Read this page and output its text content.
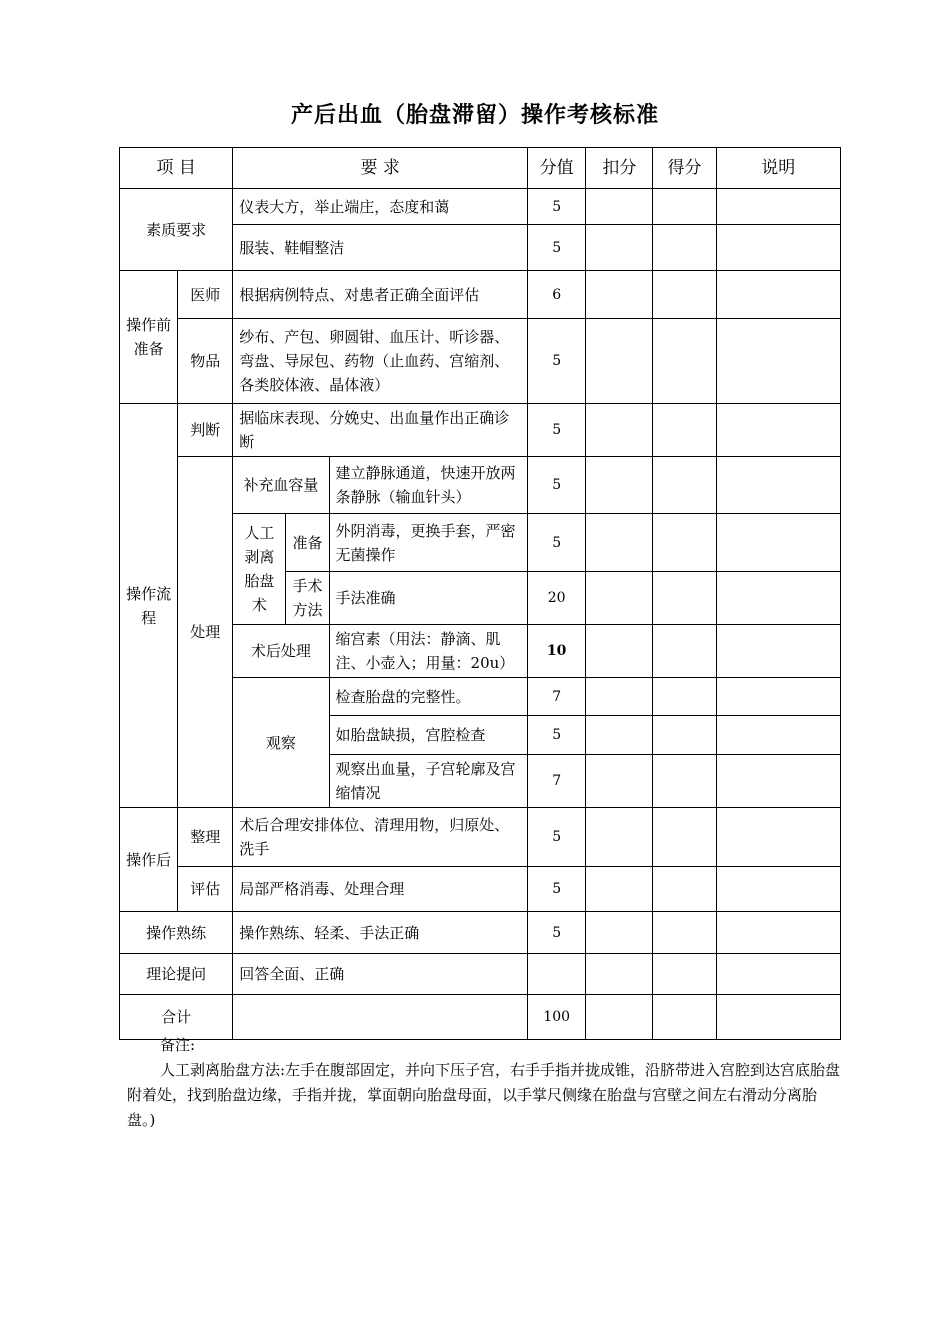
产后出血（胎盘滞留）操作考核标准
项 目		要 求			分值	扣分	得分	说明
素质要求		仪表大方，举止端庄，态度和蔼			5			
		服装、鞋帽整洁			5			
操作前准备	医师	根据病例特点、对患者正确全面评估			6			
	物品	纱布、产包、卵圆钳、血压计、听诊器、弯盘、导尿包、药物（止血药、宫缩剂、各类胶体液、晶体液）			5			
操作流程	判断	据临床表现、分娩史、出血量作出正确诊断			5			
	处理	补充血容量		建立静脉通道，快速开放两条静脉（输血针头）	5			
		人工剥离胎盘术	准备	外阴消毒，更换手套，严密无菌操作	5			
			手术方法	手法准确	20			
		术后处理		缩宫素（用法：静滴、肌注、小壶入；用量：20u）	10			
		观察		检查胎盘的完整性。	7			
				如胎盘缺损，宫腔检查	5			
				观察出血量，子宫轮廓及宫缩情况	7			

操作后	整理	术后合理安排体位、清理用物，归原处、洗手			5			
	评估	局部严格消毒、处理合理			5			
操作熟练		操作熟练、轻柔、手法正确			5			
理论提问		回答全面、正确						
合计					100			

备注:

人工剥离胎盘方法:左手在腹部固定，并向下压子宫，右手手指并拢成锥，沿脐带进入宫腔到达宫底胎盘附着处，找到胎盘边缘，手指并拢，掌面朝向胎盘母面，以手掌尺侧缘在胎盘与宫壁之间左右滑动分离胎盘。)
